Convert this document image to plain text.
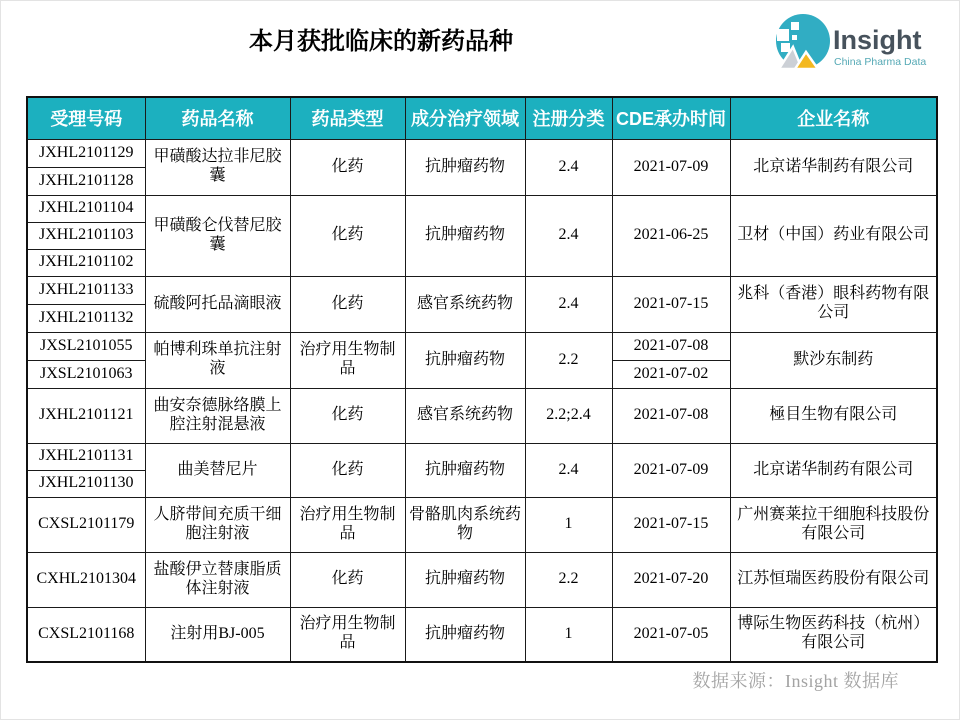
本月获批临床的新药品种	Insight
China Pharma Data
受理号码	药品名称	药品类型	成分治疗领域	注册分类	CDE承办时间	企业名称
JXHL2101129	甲磺酸达拉非尼胶囊	化药	抗肿瘤药物	2.4	2021-07-09	北京诺华制药有限公司
JXHL2101128						
JXHL2101104	甲磺酸仑伐替尼胶囊	化药	抗肿瘤药物	2.4	2021-06-25	卫材（中国）药业有限公司
JXHL2101103						
JXHL2101102						
JXHL2101133	硫酸阿托品滴眼液	化药	感官系统药物	2.4	2021-07-15	兆科（香港）眼科药物有限公司
JXHL2101132						
JXSL2101055	帕博利珠单抗注射液	治疗用生物制品	抗肿瘤药物	2.2	2021-07-08	默沙东制药
JXSL2101063					2021-07-02	
JXHL2101121	曲安奈德脉络膜上腔注射混悬液	化药	感官系统药物	2.2;2.4	2021-07-08	極目生物有限公司
JXHL2101131	曲美替尼片	化药	抗肿瘤药物	2.4	2021-07-09	北京诺华制药有限公司
JXHL2101130						
CXSL2101179	人脐带间充质干细胞注射液	治疗用生物制品	骨骼肌肉系统药物	1	2021-07-15	广州赛莱拉干细胞科技股份有限公司
CXHL2101304	盐酸伊立替康脂质体注射液	化药	抗肿瘤药物	2.2	2021-07-20	江苏恒瑞医药股份有限公司
CXSL2101168	注射用BJ-005	治疗用生物制品	抗肿瘤药物	1	2021-07-05	博际生物医药科技（杭州）有限公司
数据来源：Insight 数据库
